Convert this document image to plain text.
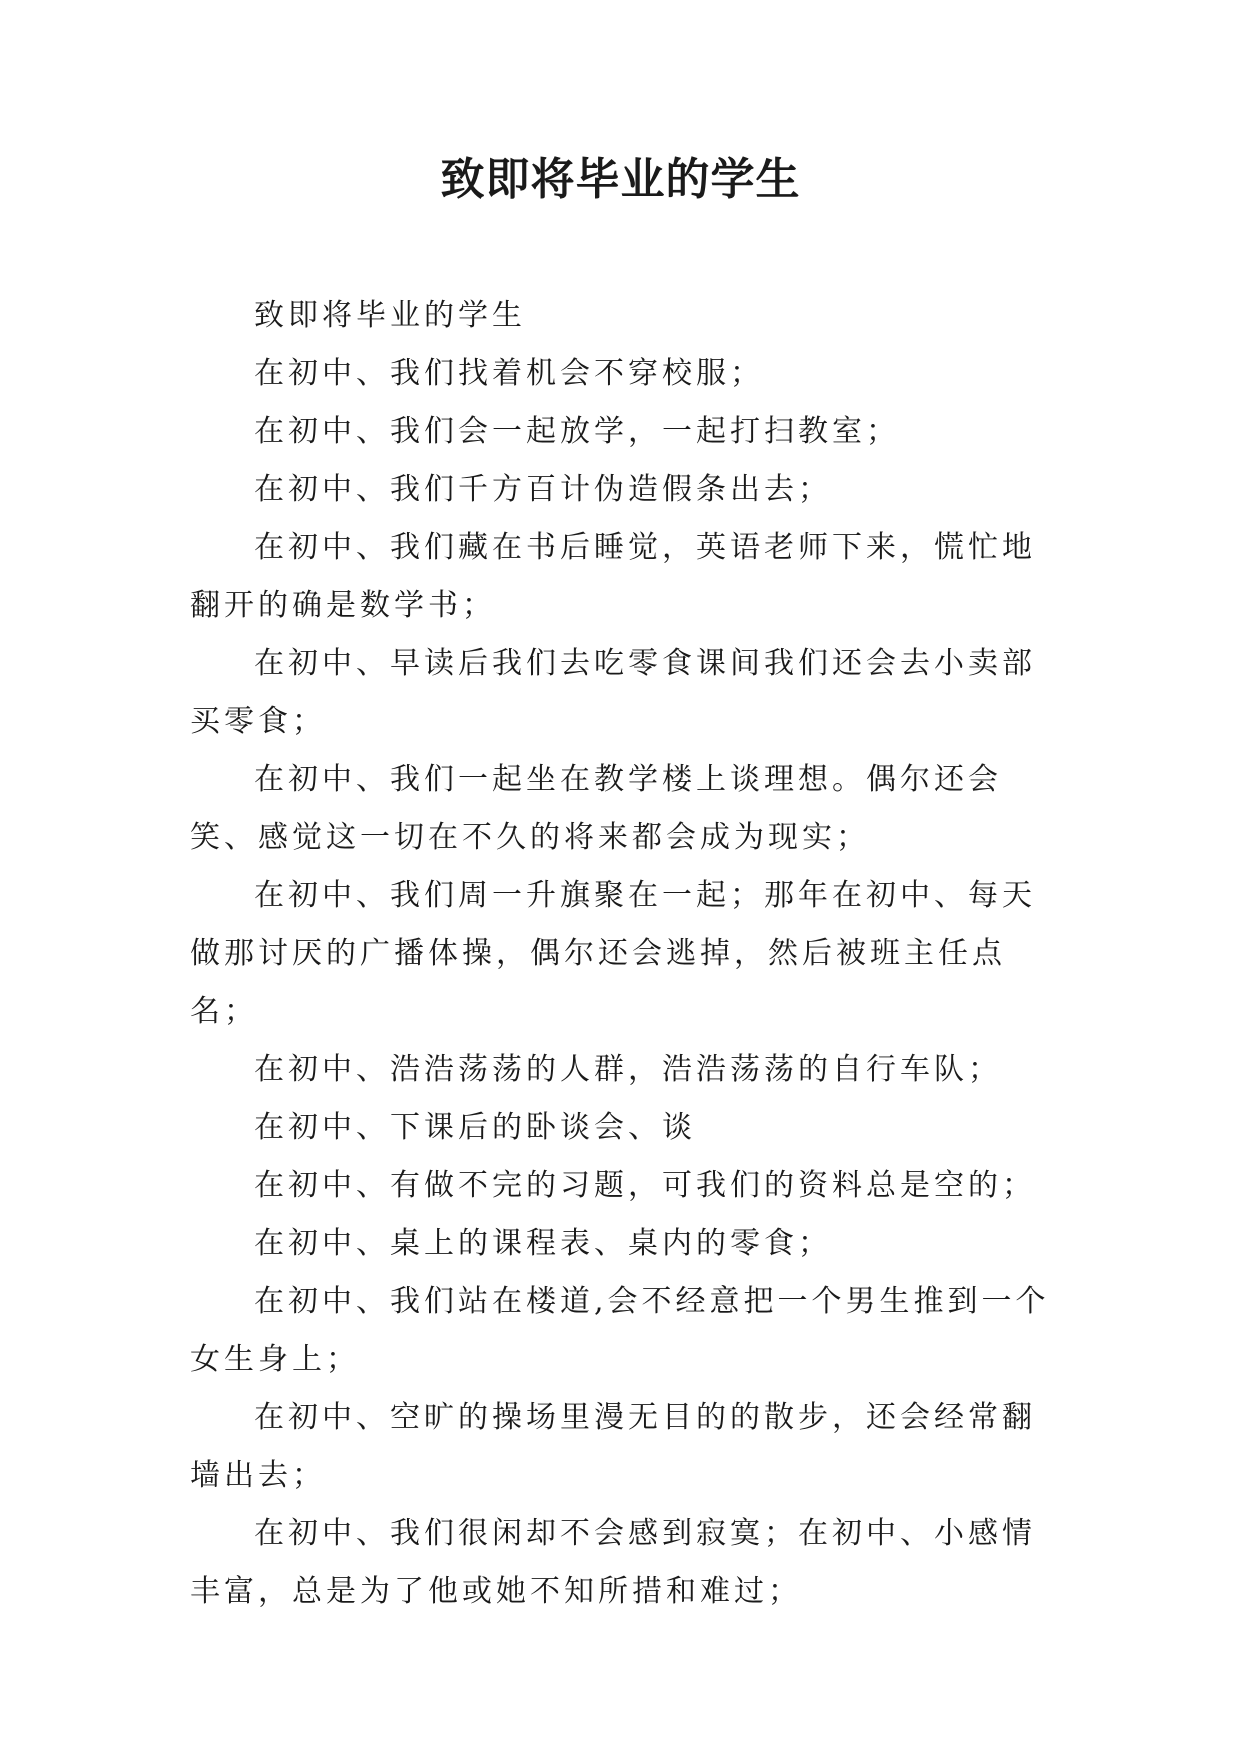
致即将毕业的学生

致即将毕业的学生

在初中、我们找着机会不穿校服；

在初中、我们会一起放学，一起打扫教室；

在初中、我们千方百计伪造假条出去；

在初中、我们藏在书后睡觉，英语老师下来，慌忙地翻开的确是数学书；

在初中、早读后我们去吃零食课间我们还会去小卖部买零食；

在初中、我们一起坐在教学楼上谈理想。偶尔还会笑、感觉这一切在不久的将来都会成为现实；

在初中、我们周一升旗聚在一起；那年在初中、每天做那讨厌的广播体操，偶尔还会逃掉，然后被班主任点名；

在初中、浩浩荡荡的人群，浩浩荡荡的自行车队；

在初中、下课后的卧谈会、谈

在初中、有做不完的习题，可我们的资料总是空的；

在初中、桌上的课程表、桌内的零食；

在初中、我们站在楼道,会不经意把一个男生推到一个女生身上；

在初中、空旷的操场里漫无目的的散步，还会经常翻墙出去；

在初中、我们很闲却不会感到寂寞；在初中、小感情丰富，总是为了他或她不知所措和难过；
